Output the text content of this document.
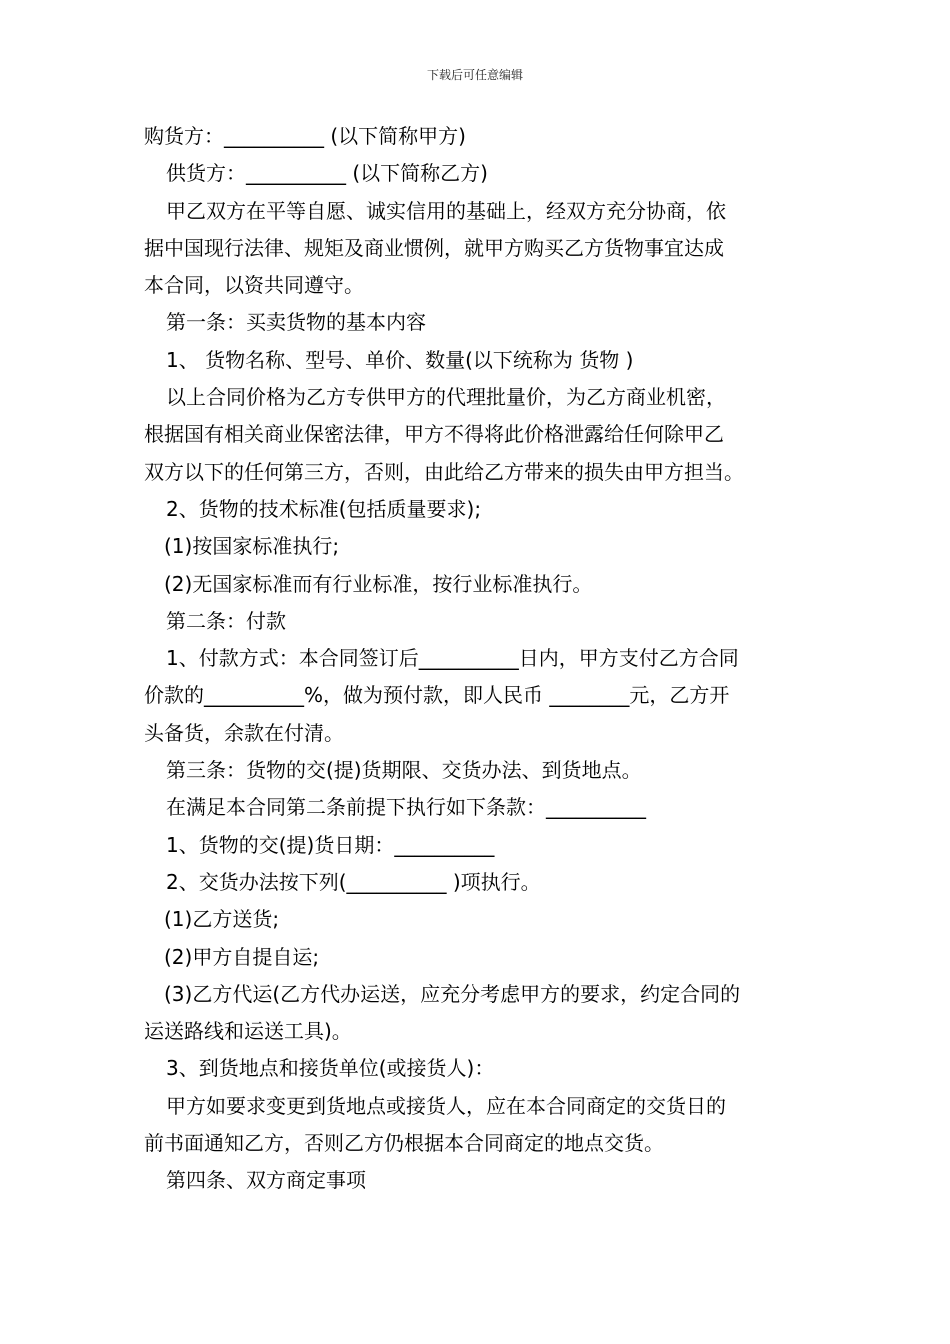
下载后可任意编辑

购货方：__________ (以下简称甲方)

供货方：__________ (以下简称乙方)

甲乙双方在平等自愿、诚实信用的基础上，经双方充分协商，依

据中国现行法律、规矩及商业惯例，就甲方购买乙方货物事宜达成

本合同，以资共同遵守。

第一条：买卖货物的基本内容

1、 货物名称、型号、单价、数量(以下统称为 货物 )

以上合同价格为乙方专供甲方的代理批量价，为乙方商业机密，

根据国有相关商业保密法律，甲方不得将此价格泄露给任何除甲乙

双方以下的任何第三方，否则，由此给乙方带来的损失由甲方担当。

2、货物的技术标准(包括质量要求);

(1)按国家标准执行;

(2)无国家标准而有行业标准，按行业标准执行。

第二条：付款

1、付款方式：本合同签订后__________日内，甲方支付乙方合同

价款的__________%，做为预付款，即人民币 ________元，乙方开

头备货，余款在付清。

第三条：货物的交(提)货期限、交货办法、到货地点。

在满足本合同第二条前提下执行如下条款：__________

1、货物的交(提)货日期：__________

2、交货办法按下列(__________ )项执行。

(1)乙方送货;

(2)甲方自提自运;

(3)乙方代运(乙方代办运送，应充分考虑甲方的要求，约定合同的

运送路线和运送工具)。

3、到货地点和接货单位(或接货人)：

甲方如要求变更到货地点或接货人，应在本合同商定的交货日的

前书面通知乙方，否则乙方仍根据本合同商定的地点交货。

第四条、双方商定事项
